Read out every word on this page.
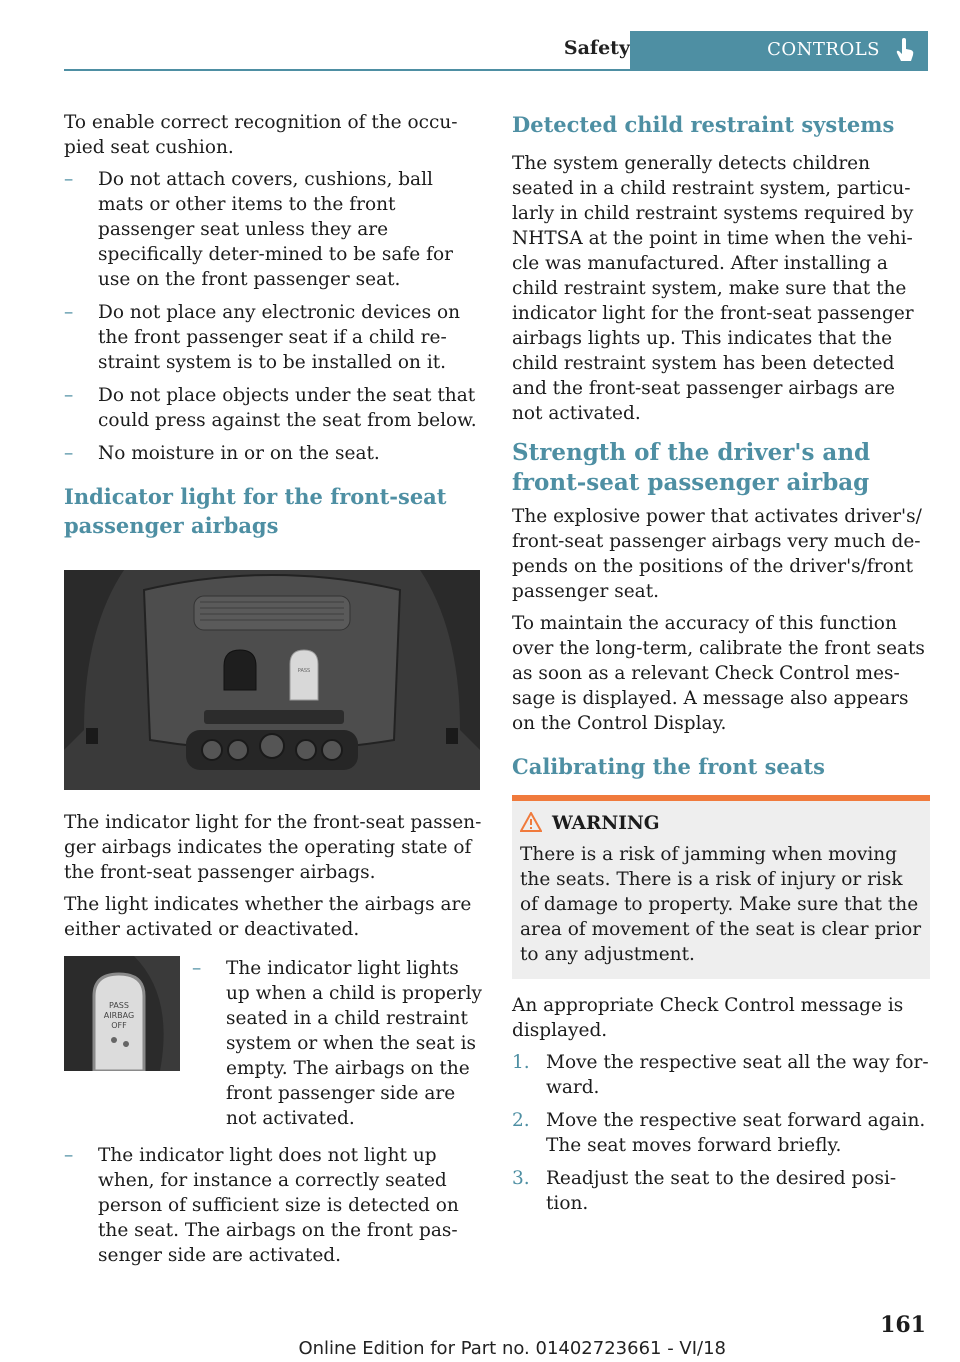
Safety	CONTROLS

To enable correct recognition of the occu-pied seat cushion.

– Do not attach covers, cushions, ball mats or other items to the front passenger seat unless they are specifically deter-mined to be safe for use on the front passenger seat.
– Do not place any electronic devices on the front passenger seat if a child re-straint system is to be installed on it.
– Do not place objects under the seat that could press against the seat from below.
– No moisture in or on the seat.
Indicator light for the front-seat passenger airbags
PASS

The indicator light for the front-seat passen-ger airbags indicates the operating state of the front-seat passenger airbags.

The light indicates whether the airbags are either activated or deactivated.

PASS
AIRBAG
OFF
– The indicator light lights up when a child is properly seated in a child restraint system or when the seat is empty. The airbags on the front passenger side are not activated.
– The indicator light does not light up when, for instance a correctly seated person of sufficient size is detected on the seat. The airbags on the front pas-senger side are activated.
Detected child restraint systems

The system generally detects children seated in a child restraint system, particu-larly in child restraint systems required by NHTSA at the point in time when the vehi-cle was manufactured. After installing a child restraint system, make sure that the indicator light for the front-seat passenger airbags lights up. This indicates that the child restraint system has been detected and the front-seat passenger airbags are not activated.

Strength of the driver's and front-seat passenger airbag

The explosive power that activates driver's/ front-seat passenger airbags very much de-pends on the positions of the driver's/front passenger seat.

To maintain the accuracy of this function over the long-term, calibrate the front seats as soon as a relevant Check Control mes-sage is displayed. A message also appears on the Control Display.

Calibrating the front seats
WARNING

There is a risk of jamming when moving the seats. There is a risk of injury or risk of damage to property. Make sure that the area of movement of the seat is clear prior to any adjustment.

An appropriate Check Control message is displayed.

1. Move the respective seat all the way for-ward.
2. Move the respective seat forward again. The seat moves forward briefly.
3. Readjust the seat to the desired posi-tion.
161
Online Edition for Part no. 01402723661 - VI/18
